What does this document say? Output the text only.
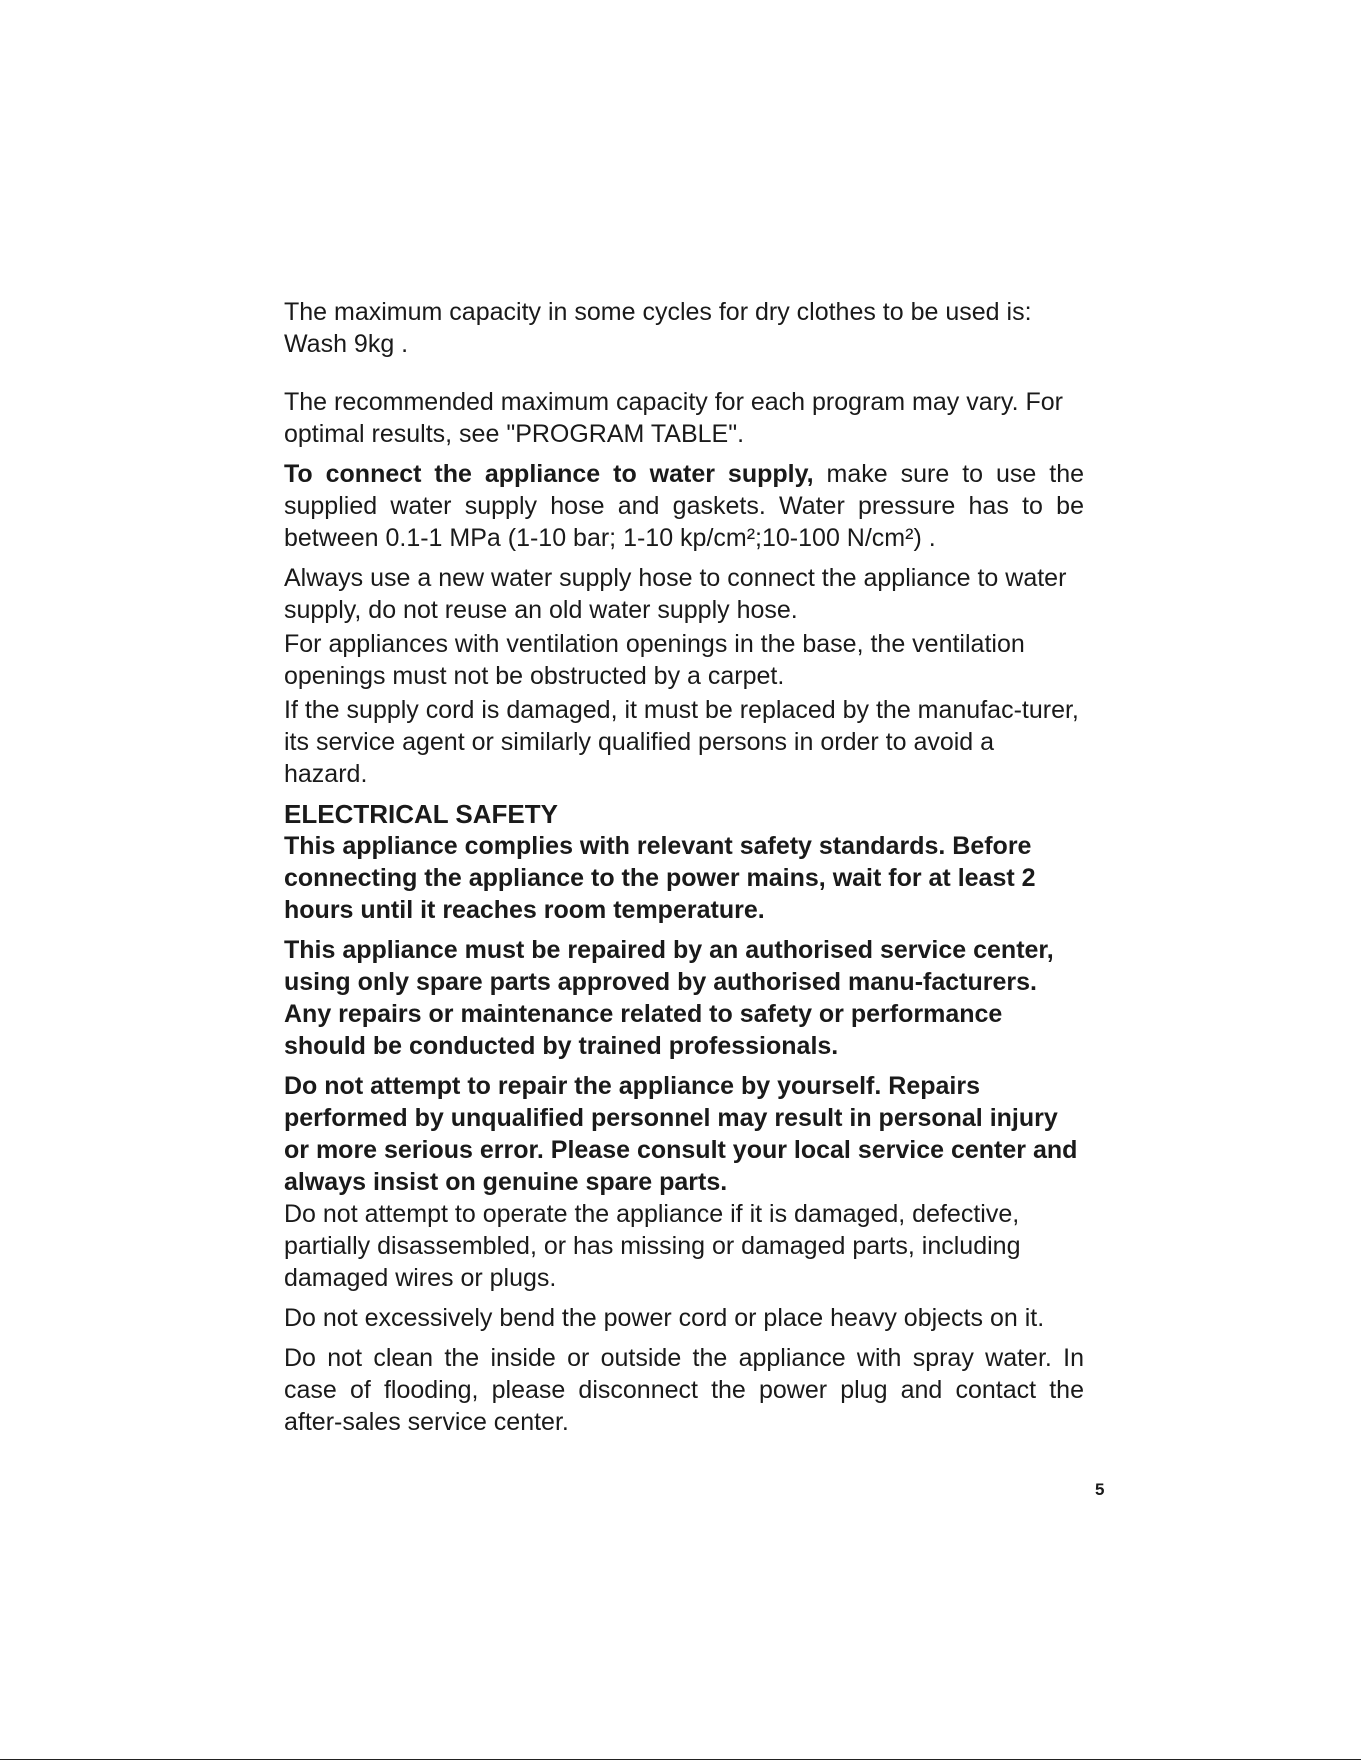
The maximum capacity in some cycles for dry clothes to be used is: Wash 9kg .

The recommended maximum capacity for each program may vary. For optimal results, see "PROGRAM TABLE".

To connect the appliance to water supply, make sure to use the supplied water supply hose and gaskets. Water pressure has to be between 0.1-1 MPa (1-10 bar; 1-10 kp/cm²;10-100 N/cm²) .

Always use a new water supply hose to connect the appliance to water supply, do not reuse an old water supply hose.

For appliances with ventilation openings in the base, the ventilation openings must not be obstructed by a carpet.

If the supply cord is damaged, it must be replaced by the manufac-turer, its service agent or similarly qualified persons in order to avoid a hazard.

ELECTRICAL SAFETY

This appliance complies with relevant safety standards. Before connecting the appliance to the power mains, wait for at least 2 hours until it reaches room temperature.

This appliance must be repaired by an authorised service center, using only spare parts approved by authorised manu-facturers. Any repairs or maintenance related to safety or performance should be conducted by trained professionals.

Do not attempt to repair the appliance by yourself. Repairs performed by unqualified personnel may result in personal injury or more serious error. Please consult your local service center and always insist on genuine spare parts.

Do not attempt to operate the appliance if it is damaged, defective, partially disassembled, or has missing or damaged parts, including damaged wires or plugs.

Do not excessively bend the power cord or place heavy objects on it.

Do not clean the inside or outside the appliance with spray water. In case of flooding, please disconnect the power plug and contact the after-sales service center.

5
